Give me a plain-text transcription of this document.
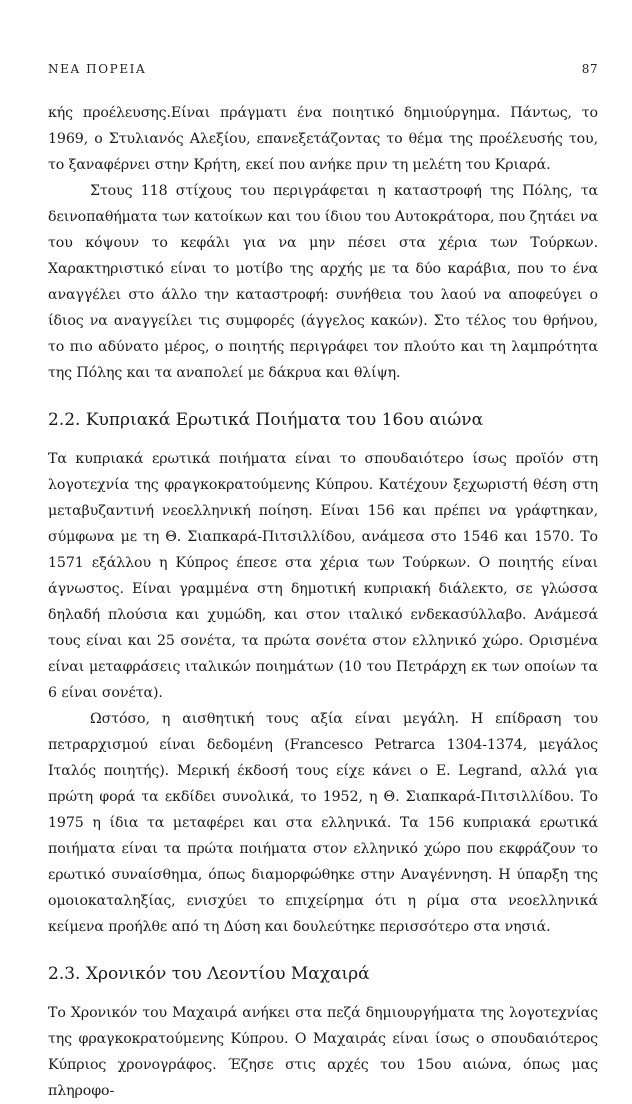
ΝΕΑ ΠΟΡΕΙΑ	87

κής προέλευσης.Είναι πράγματι ένα ποιητικό δημιούργημα. Πάντως, το 1969, ο Στυλιανός Αλεξίου, επανεξετάζοντας το θέμα της προέλευσής του, το ξαναφέρνει στην Κρήτη, εκεί που ανήκε πριν τη μελέτη του Κριαρά.

Στους 118 στίχους του περιγράφεται η καταστροφή της Πόλης, τα δεινοπαθήματα των κατοίκων και του ίδιου του Αυτοκράτορα, που ζητάει να του κόψουν το κεφάλι για να μην πέσει στα χέρια των Τούρκων. Χαρακτηριστικό είναι το μοτίβο της αρχής με τα δύο καράβια, που το ένα αναγγέλει στο άλλο την καταστροφή: συνήθεια του λαού να αποφεύγει ο ίδιος να αναγγείλει τις συμφορές (άγγελος κακών). Στο τέλος του θρήνου, το πιο αδύνατο μέρος, ο ποιητής περιγράφει τον πλούτο και τη λαμπρότητα της Πόλης και τα αναπολεί με δάκρυα και θλίψη.

2.2. Κυπριακά Ερωτικά Ποιήματα του 16ου αιώνα

Τα κυπριακά ερωτικά ποιήματα είναι το σπουδαιότερο ίσως προϊόν στη λογοτεχνία της φραγκοκρατούμενης Κύπρου. Κατέχουν ξεχωριστή θέση στη μεταβυζαντινή νεοελληνική ποίηση. Είναι 156 και πρέπει να γράφτηκαν, σύμφωνα με τη Θ. Σιαπκαρά-Πιτσιλλίδου, ανάμεσα στο 1546 και 1570. Το 1571 εξάλλου η Κύπρος έπεσε στα χέρια των Τούρκων. Ο ποιητής είναι άγνωστος. Είναι γραμμένα στη δημοτική κυπριακή διάλεκτο, σε γλώσσα δηλαδή πλούσια και χυμώδη, και στον ιταλικό ενδεκασύλλαβο. Ανάμεσά τους είναι και 25 σονέτα, τα πρώτα σονέτα στον ελληνικό χώρο. Ορισμένα είναι μεταφράσεις ιταλικών ποιημάτων (10 του Πετράρχη εκ των οποίων τα 6 είναι σονέτα).

Ωστόσο, η αισθητική τους αξία είναι μεγάλη. Η επίδραση του πετραρχισμού είναι δεδομένη (Francesco Petrarca 1304-1374, μεγάλος Ιταλός ποιητής). Μερική έκδοσή τους είχε κάνει ο E. Legrand, αλλά για πρώτη φορά τα εκδίδει συνολικά, το 1952, η Θ. Σιαπκαρά-Πιτσιλλίδου. Το 1975 η ίδια τα μεταφέρει και στα ελληνικά. Τα 156 κυπριακά ερωτικά ποιήματα είναι τα πρώτα ποιήματα στον ελληνικό χώρο που εκφράζουν το ερωτικό συναίσθημα, όπως διαμορφώθηκε στην Αναγέννηση. Η ύπαρξη της ομοιοκαταληξίας, ενισχύει το επιχείρημα ότι η ρίμα στα νεοελληνικά κείμενα προήλθε από τη Δύση και δουλεύτηκε περισσότερο στα νησιά.

2.3. Χρονικόν του Λεοντίου Μαχαιρά

Το Χρονικόν του Μαχαιρά ανήκει στα πεζά δημιουργήματα της λογοτεχνίας της φραγκοκρατούμενης Κύπρου. Ο Μαχαιράς είναι ίσως ο σπουδαιότερος Κύπριος χρονογράφος. Έζησε στις αρχές του 15ου αιώνα, όπως μας πληροφο-
